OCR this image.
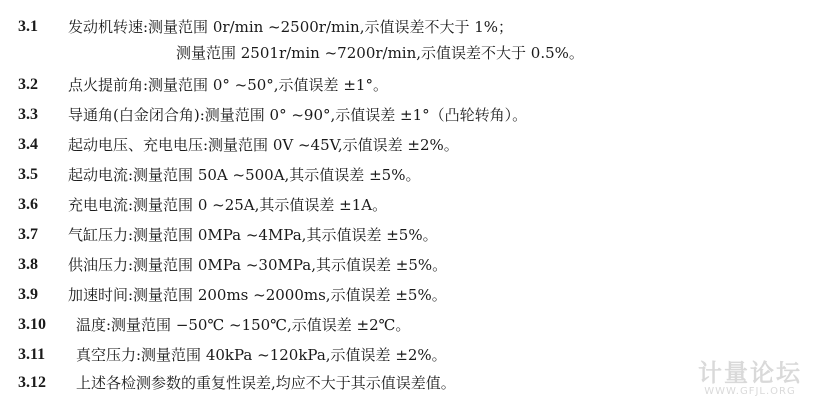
3.1 发动机转速:测量范围 0r/min ~2500r/min,示值误差不大于 1%；
测量范围 2501r/min ~7200r/min,示值误差不大于 0.5%。
3.2 点火提前角:测量范围 0° ~50°,示值误差 ±1°。
3.3 导通角(白金闭合角):测量范围 0° ~90°,示值误差 ±1°（凸轮转角）。
3.4 起动电压、充电电压:测量范围 0V ~45V,示值误差 ±2%。
3.5 起动电流:测量范围 50A ~500A,其示值误差 ±5%。
3.6 充电电流:测量范围 0 ~25A,其示值误差 ±1A。
3.7 气缸压力:测量范围 0MPa ~4MPa,其示值误差 ±5%。
3.8 供油压力:测量范围 0MPa ~30MPa,其示值误差 ±5%。
3.9 加速时间:测量范围 200ms ~2000ms,示值误差 ±5%。
3.10 温度:测量范围 −50℃ ~150℃,示值误差 ±2℃。
3.11 真空压力:测量范围 40kPa ~120kPa,示值误差 ±2%。
3.12 上述各检测参数的重复性误差,均应不大于其示值误差值。	计量论坛
WWW.GFJL.ORG
